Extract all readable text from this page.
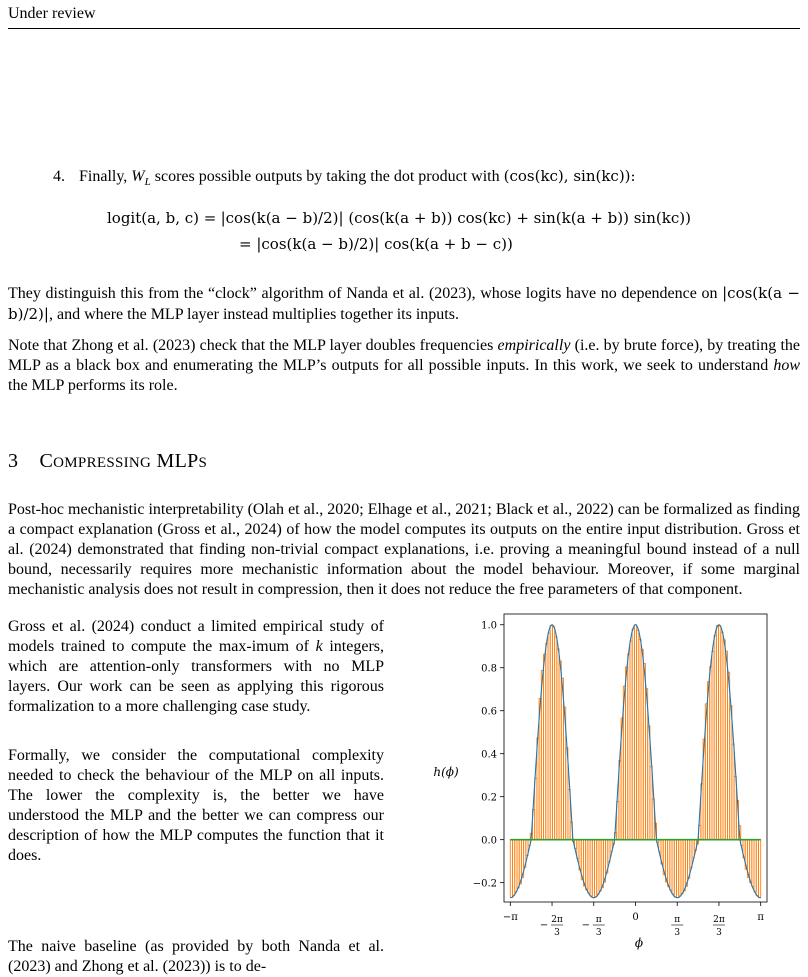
Under review
4. Finally, $W_L$ scores possible outputs by taking the dot product with (cos(kc), sin(kc)):
logit(a, b, c) = |cos(k(a − b)/2)| (cos(k(a + b)) cos(kc) + sin(k(a + b)) sin(kc))
= |cos(k(a − b)/2)| cos(k(a + b − c))

They distinguish this from the “clock” algorithm of Nanda et al. (2023), whose logits have no dependence on |cos(k(a − b)/2)|, and where the MLP layer instead multiplies together its inputs.

Note that Zhong et al. (2023) check that the MLP layer doubles frequencies empirically (i.e. by brute force), by treating the MLP as a black box and enumerating the MLP’s outputs for all possible inputs. In this work, we seek to understand how the MLP performs its role.

3 COMPRESSING MLPS

Post-hoc mechanistic interpretability (Olah et al., 2020; Elhage et al., 2021; Black et al., 2022) can be formalized as finding a compact explanation (Gross et al., 2024) of how the model computes its outputs on the entire input distribution. Gross et al. (2024) demonstrated that finding non-trivial compact explanations, i.e. proving a meaningful bound instead of a null bound, necessarily requires more mechanistic information about the model behaviour. Moreover, if some marginal mechanistic analysis does not result in compression, then it does not reduce the free parameters of that component.

Gross et al. (2024) conduct a limited empirical study of models trained to compute the max-imum of k integers, which are attention-only transformers with no MLP layers. Our work can be seen as applying this rigorous formalization to a more challenging case study.

Formally, we consider the computational complexity needed to check the behaviour of the MLP on all inputs. The lower the complexity is, the better we have understood the MLP and the better we can compress our description of how the MLP computes the function that it does.

The naive baseline (as provided by both Nanda et al. (2023) and Zhong et al. (2023)) is to de-

−0.2
0.0
0.2
0.4
0.6
0.8
1.0
−π
− 2π
3
− π
3
0	π
3
2π
3
π
h(ϕ)
ϕ
